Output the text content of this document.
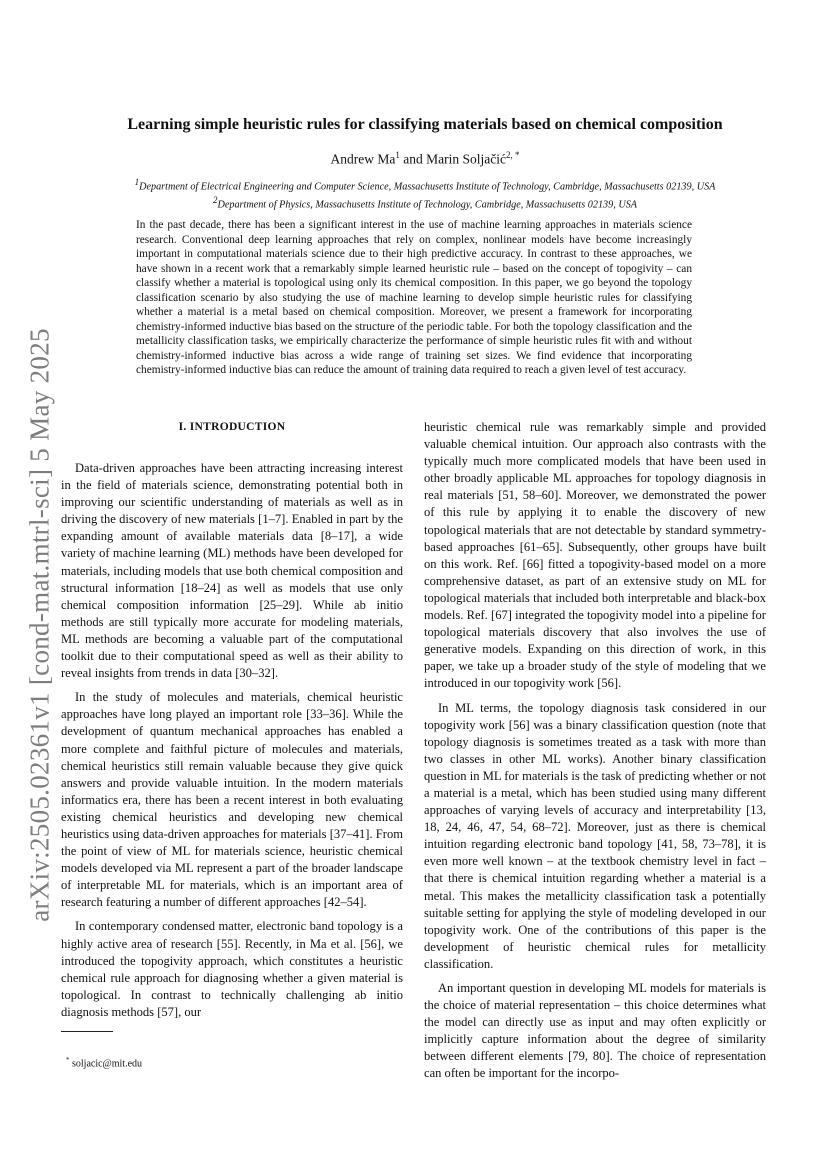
arXiv:2505.02361v1 [cond-mat.mtrl-sci] 5 May 2025
Learning simple heuristic rules for classifying materials based on chemical composition
Andrew Ma$^1$ and Marin Soljačić$^{2, *}$
$^1$Department of Electrical Engineering and Computer Science, Massachusetts Institute of Technology, Cambridge, Massachusetts 02139, USA
$^2$Department of Physics, Massachusetts Institute of Technology, Cambridge, Massachusetts 02139, USA
In the past decade, there has been a significant interest in the use of machine learning approaches in materials science research. Conventional deep learning approaches that rely on complex, nonlinear models have become increasingly important in computational materials science due to their high predictive accuracy. In contrast to these approaches, we have shown in a recent work that a remarkably simple learned heuristic rule – based on the concept of topogivity – can classify whether a material is topological using only its chemical composition. In this paper, we go beyond the topology classification scenario by also studying the use of machine learning to develop simple heuristic rules for classifying whether a material is a metal based on chemical composition. Moreover, we present a framework for incorporating chemistry-informed inductive bias based on the structure of the periodic table. For both the topology classification and the metallicity classification tasks, we empirically characterize the performance of simple heuristic rules fit with and without chemistry-informed inductive bias across a wide range of training set sizes. We find evidence that incorporating chemistry-informed inductive bias can reduce the amount of training data required to reach a given level of test accuracy.
I. INTRODUCTION

Data-driven approaches have been attracting increasing interest in the field of materials science, demonstrating potential both in improving our scientific understanding of materials as well as in driving the discovery of new materials [1–7]. Enabled in part by the expanding amount of available materials data [8–17], a wide variety of machine learning (ML) methods have been developed for materials, including models that use both chemical composition and structural information [18–24] as well as models that use only chemical composition information [25–29]. While ab initio methods are still typically more accurate for modeling materials, ML methods are becoming a valuable part of the computational toolkit due to their computational speed as well as their ability to reveal insights from trends in data [30–32].

In the study of molecules and materials, chemical heuristic approaches have long played an important role [33–36]. While the development of quantum mechanical approaches has enabled a more complete and faithful picture of molecules and materials, chemical heuristics still remain valuable because they give quick answers and provide valuable intuition. In the modern materials informatics era, there has been a recent interest in both evaluating existing chemical heuristics and developing new chemical heuristics using data-driven approaches for materials [37–41]. From the point of view of ML for materials science, heuristic chemical models developed via ML represent a part of the broader landscape of interpretable ML for materials, which is an important area of research featuring a number of different approaches [42–54].

In contemporary condensed matter, electronic band topology is a highly active area of research [55]. Recently, in Ma et al. [56], we introduced the topogivity approach, which constitutes a heuristic chemical rule approach for diagnosing whether a given material is topological. In contrast to technically challenging ab initio diagnosis methods [57], our

heuristic chemical rule was remarkably simple and provided valuable chemical intuition. Our approach also contrasts with the typically much more complicated models that have been used in other broadly applicable ML approaches for topology diagnosis in real materials [51, 58–60]. Moreover, we demonstrated the power of this rule by applying it to enable the discovery of new topological materials that are not detectable by standard symmetry-based approaches [61–65]. Subsequently, other groups have built on this work. Ref. [66] fitted a topogivity-based model on a more comprehensive dataset, as part of an extensive study on ML for topological materials that included both interpretable and black-box models. Ref. [67] integrated the topogivity model into a pipeline for topological materials discovery that also involves the use of generative models. Expanding on this direction of work, in this paper, we take up a broader study of the style of modeling that we introduced in our topogivity work [56].

In ML terms, the topology diagnosis task considered in our topogivity work [56] was a binary classification question (note that topology diagnosis is sometimes treated as a task with more than two classes in other ML works). Another binary classification question in ML for materials is the task of predicting whether or not a material is a metal, which has been studied using many different approaches of varying levels of accuracy and interpretability [13, 18, 24, 46, 47, 54, 68–72]. Moreover, just as there is chemical intuition regarding electronic band topology [41, 58, 73–78], it is even more well known – at the textbook chemistry level in fact – that there is chemical intuition regarding whether a material is a metal. This makes the metallicity classification task a potentially suitable setting for applying the style of modeling developed in our topogivity work. One of the contributions of this paper is the development of heuristic chemical rules for metallicity classification.

An important question in developing ML models for materials is the choice of material representation – this choice determines what the model can directly use as input and may often explicitly or implicitly capture information about the degree of similarity between different elements [79, 80]. The choice of representation can often be important for the incorpo-

* soljacic@mit.edu
